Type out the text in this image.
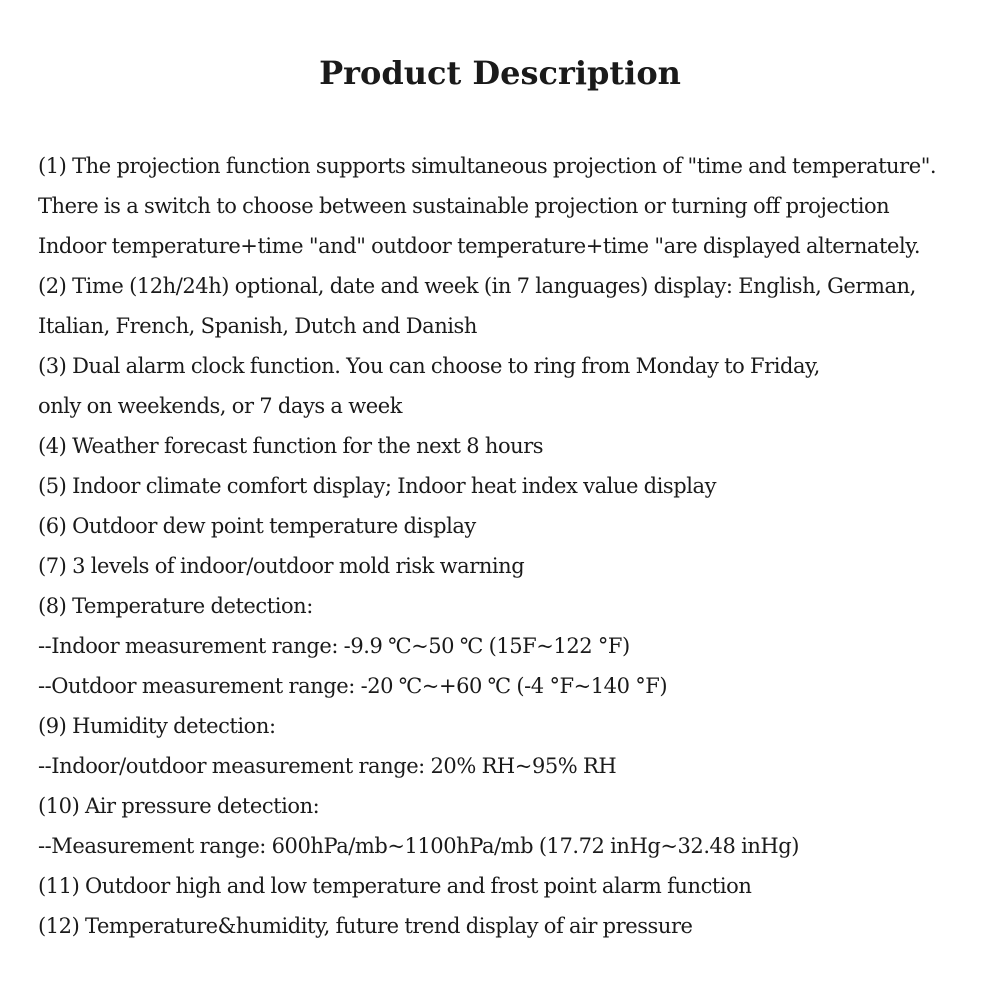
Product Description
(1) The projection function supports simultaneous projection of "time and temperature".
There is a switch to choose between sustainable projection or turning off projection
Indoor temperature+time "and" outdoor temperature+time "are displayed alternately.
(2) Time (12h/24h) optional, date and week (in 7 languages) display: English, German,
Italian, French, Spanish, Dutch and Danish
(3) Dual alarm clock function. You can choose to ring from Monday to Friday,
only on weekends, or 7 days a week
(4) Weather forecast function for the next 8 hours
(5) Indoor climate comfort display; Indoor heat index value display
(6) Outdoor dew point temperature display
(7) 3 levels of indoor/outdoor mold risk warning
(8) Temperature detection:
--Indoor measurement range: -9.9 ℃~50 ℃ (15F~122 °F)
--Outdoor measurement range: -20 ℃~+60 ℃ (-4 °F~140 °F)
(9) Humidity detection:
--Indoor/outdoor measurement range: 20% RH~95% RH
(10) Air pressure detection:
--Measurement range: 600hPa/mb~1100hPa/mb (17.72 inHg~32.48 inHg)
(11) Outdoor high and low temperature and frost point alarm function
(12) Temperature&humidity, future trend display of air pressure
